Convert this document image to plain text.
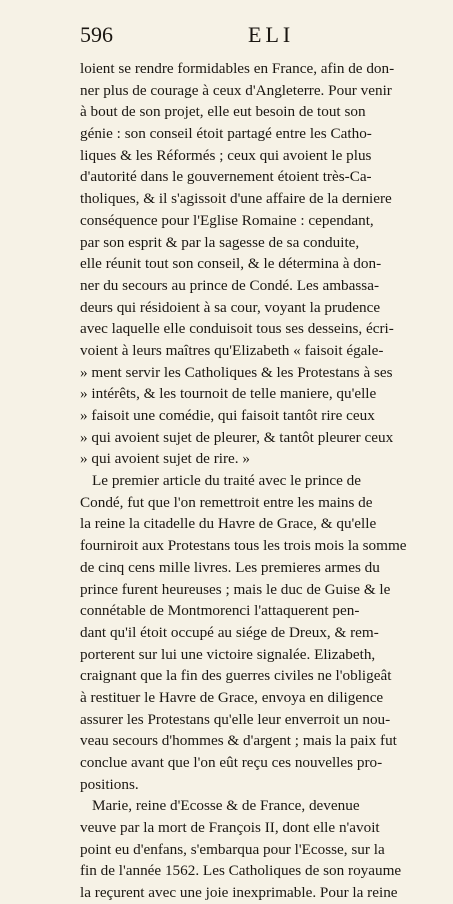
596	ELI
loient se rendre formidables en France, afin de don-
ner plus de courage à ceux d'Angleterre. Pour venir
à bout de son projet, elle eut besoin de tout son
génie : son conseil étoit partagé entre les Catho-
liques & les Réformés ; ceux qui avoient le plus
d'autorité dans le gouvernement étoient très-Ca-
tholiques, & il s'agissoit d'une affaire de la derniere
conséquence pour l'Eglise Romaine : cependant,
par son esprit & par la sagesse de sa conduite,
elle réunit tout son conseil, & le détermina à don-
ner du secours au prince de Condé. Les ambassa-
deurs qui résidoient à sa cour, voyant la prudence
avec laquelle elle conduisoit tous ses desseins, écri-
voient à leurs maîtres qu'Elizabeth « faisoit égale-
» ment servir les Catholiques & les Protestans à ses
» intérêts, & les tournoit de telle maniere, qu'elle
» faisoit une comédie, qui faisoit tantôt rire ceux
» qui avoient sujet de pleurer, & tantôt pleurer ceux
» qui avoient sujet de rire. »
Le premier article du traité avec le prince de
Condé, fut que l'on remettroit entre les mains de
la reine la citadelle du Havre de Grace, & qu'elle
fourniroit aux Protestans tous les trois mois la somme
de cinq cens mille livres. Les premieres armes du
prince furent heureuses ; mais le duc de Guise & le
connétable de Montmorenci l'attaquerent pen-
dant qu'il étoit occupé au siége de Dreux, & rem-
porterent sur lui une victoire signalée. Elizabeth,
craignant que la fin des guerres civiles ne l'obligeât
à restituer le Havre de Grace, envoya en diligence
assurer les Protestans qu'elle leur enverroit un nou-
veau secours d'hommes & d'argent ; mais la paix fut
conclue avant que l'on eût reçu ces nouvelles pro-
positions.
Marie, reine d'Ecosse & de France, devenue
veuve par la mort de François II, dont elle n'avoit
point eu d'enfans, s'embarqua pour l'Ecosse, sur la
fin de l'année 1562. Les Catholiques de son royaume
la reçurent avec une joie inexprimable. Pour la reine
